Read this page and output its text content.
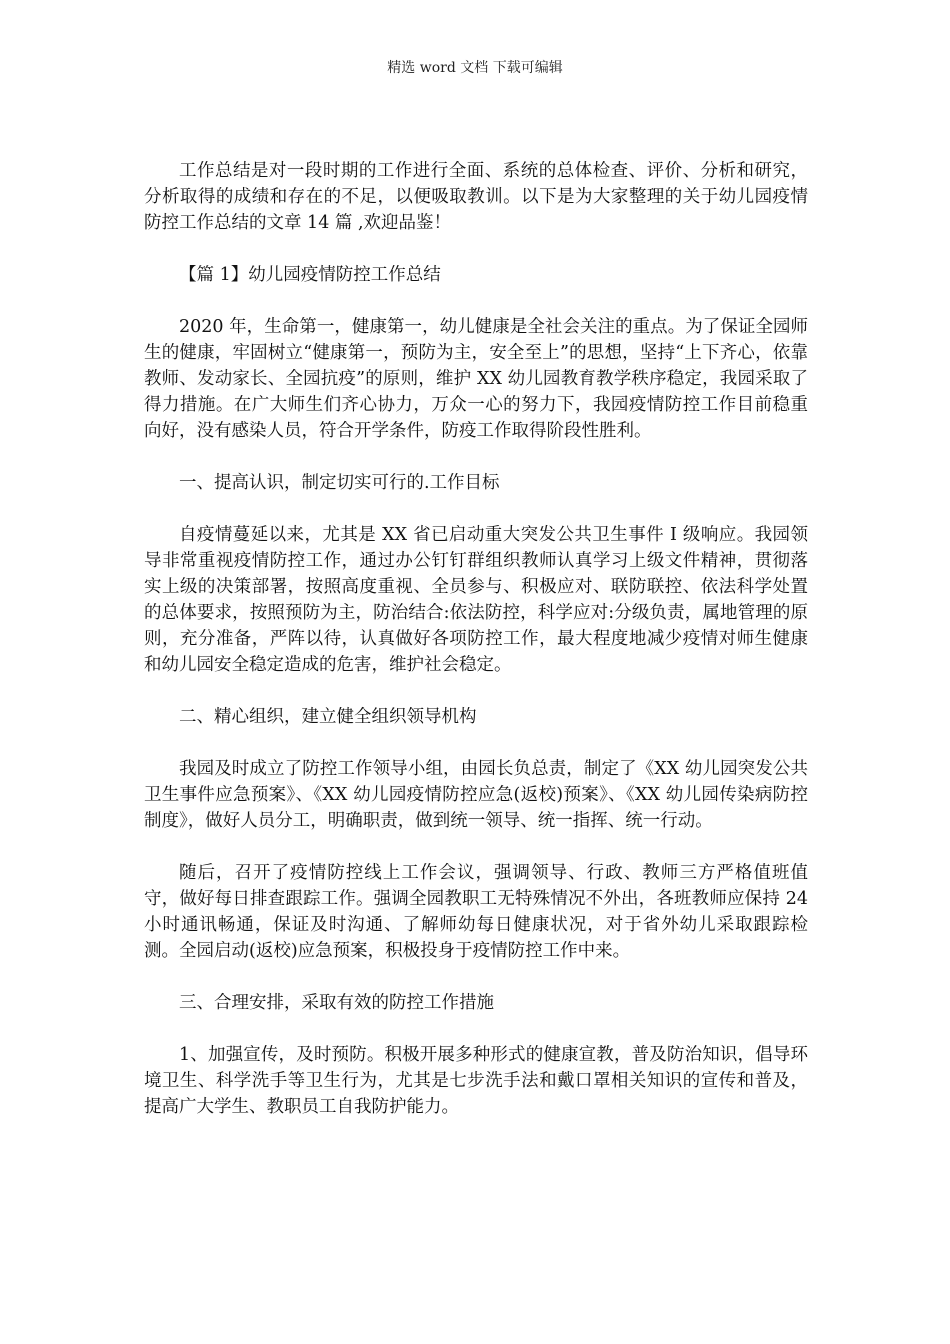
精选 word 文档 下载可编辑

工作总结是对一段时期的工作进行全面、系统的总体检查、评价、分析和研究，分析取得的成绩和存在的不足，以便吸取教训。以下是为大家整理的关于幼儿园疫情防控工作总结的文章 14 篇 ,欢迎品鉴！

【篇 1】幼儿园疫情防控工作总结

2020 年，生命第一，健康第一，幼儿健康是全社会关注的重点。为了保证全园师生的健康，牢固树立“健康第一，预防为主，安全至上”的思想，坚持“上下齐心，依靠教师、发动家长、全园抗疫”的原则，维护 XX 幼儿园教育教学秩序稳定，我园采取了得力措施。在广大师生们齐心协力，万众一心的努力下，我园疫情防控工作目前稳重向好，没有感染人员，符合开学条件，防疫工作取得阶段性胜利。

一、提高认识，制定切实可行的.工作目标

自疫情蔓延以来，尤其是 XX 省已启动重大突发公共卫生事件 I 级响应。我园领导非常重视疫情防控工作，通过办公钉钉群组织教师认真学习上级文件精神，贯彻落实上级的决策部署，按照高度重视、全员参与、积极应对、联防联控、依法科学处置的总体要求，按照预防为主，防治结合:依法防控，科学应对:分级负责，属地管理的原则，充分准备，严阵以待，认真做好各项防控工作，最大程度地减少疫情对师生健康和幼儿园安全稳定造成的危害，维护社会稳定。

二、精心组织，建立健全组织领导机构

我园及时成立了防控工作领导小组，由园长负总责，制定了《XX 幼儿园突发公共卫生事件应急预案》、《XX 幼儿园疫情防控应急(返校)预案》、《XX 幼儿园传染病防控制度》，做好人员分工，明确职责，做到统一领导、统一指挥、统一行动。

随后，召开了疫情防控线上工作会议，强调领导、行政、教师三方严格值班值守，做好每日排查跟踪工作。强调全园教职工无特殊情况不外出，各班教师应保持 24 小时通讯畅通，保证及时沟通、了解师幼每日健康状况，对于省外幼儿采取跟踪检测。全园启动(返校)应急预案，积极投身于疫情防控工作中来。

三、合理安排，采取有效的防控工作措施

1、加强宣传，及时预防。积极开展多种形式的健康宣教，普及防治知识，倡导环境卫生、科学洗手等卫生行为，尤其是七步洗手法和戴口罩相关知识的宣传和普及，提高广大学生、教职员工自我防护能力。
